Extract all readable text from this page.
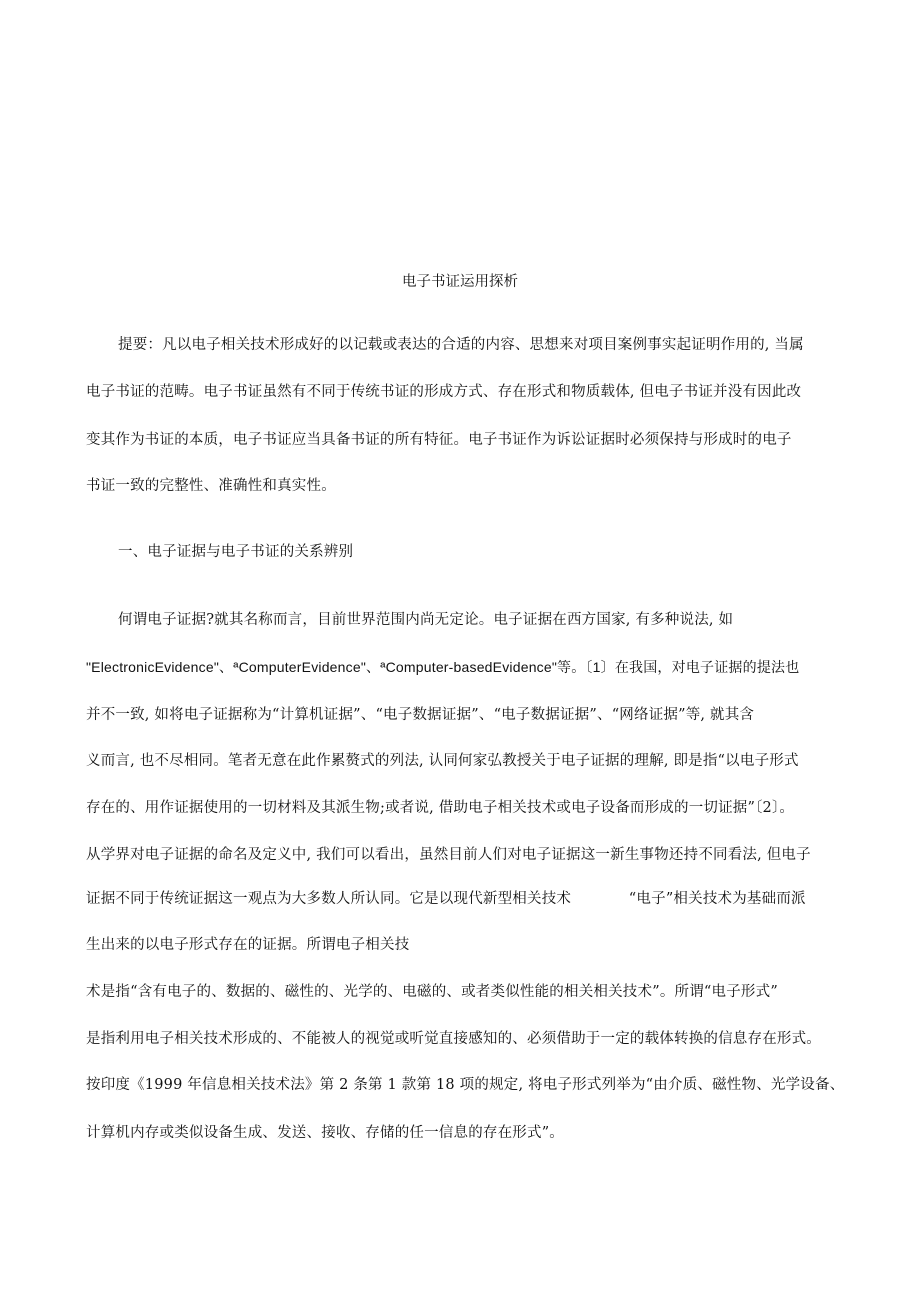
电子书证运用探析
提要：凡以电子相关技术形成好的以记载或表达的合适的内容、思想来对项目案例事实起证明作用的, 当属
电子书证的范畴。电子书证虽然有不同于传统书证的形成方式、存在形式和物质载体, 但电子书证并没有因此改
变其作为书证的本质，电子书证应当具备书证的所有特征。电子书证作为诉讼证据时必须保持与形成时的电子
书证一致的完整性、准确性和真实性。
一、电子证据与电子书证的关系辨别
何谓电子证据?就其名称而言，目前世界范围内尚无定论。电子证据在西方国家, 有多种说法, 如
"ElectronicEvidence"、ªComputerEvidence"、ªComputer-basedEvidence"等。〔1〕在我国，对电子证据的提法也
并不一致, 如将电子证据称为“计算机证据”、“电子数据证据”、“电子数据证据”、“网络证据”等, 就其含
义而言, 也不尽相同。笔者无意在此作累赘式的列法, 认同何家弘教授关于电子证据的理解, 即是指“以电子形式
存在的、用作证据使用的一切材料及其派生物;或者说, 借助电子相关技术或电子设备而形成的一切证据”〔2〕。
从学界对电子证据的命名及定义中, 我们可以看出，虽然目前人们对电子证据这一新生事物还持不同看法, 但电子
证据不同于传统证据这一观点为大多数人所认同。它是以现代新型相关技术            “电子”相关技术为基础而派
生出来的以电子形式存在的证据。所谓电子相关技
术是指“含有电子的、数据的、磁性的、光学的、电磁的、或者类似性能的相关相关技术”。所谓“电子形式”
是指利用电子相关技术形成的、不能被人的视觉或听觉直接感知的、必须借助于一定的载体转换的信息存在形式。
按印度《1999 年信息相关技术法》第 2 条第 1 款第 18 项的规定, 将电子形式列举为“由介质、磁性物、光学设备、
计算机内存或类似设备生成、发送、接收、存储的任一信息的存在形式”。
